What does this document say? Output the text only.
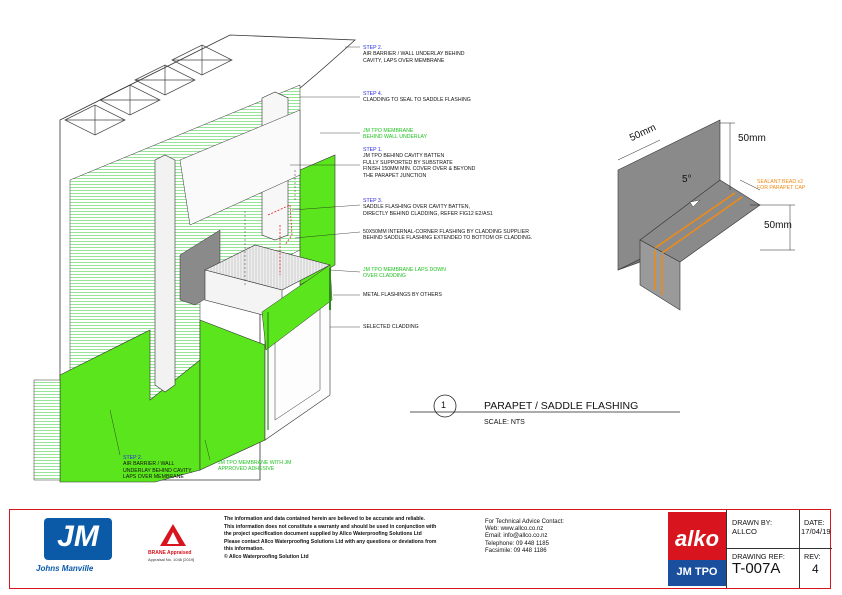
STEP 2.
AIR BARRIER / WALL UNDERLAY BEHIND
CAVITY, LAPS OVER MEMBRANE
STEP 4.
CLADDING TO SEAL TO SADDLE FLASHING
JM TPO MEMBRANE
BEHIND WALL UNDERLAY
STEP 1.
JM TPO BEHIND CAVITY BATTEN
FULLY SUPPORTED BY SUBSTRATE
FINISH 150MM MIN. COVER OVER & BEYOND
THE PARAPET JUNCTION
STEP 3.
SADDLE FLASHING OVER CAVITY BATTEN,
DIRECTLY BEHIND CLADDING, REFER FIG12 E2/AS1
50X50MM INTERNAL-CORNER FLASHING BY CLADDING SUPPLIER
BEHIND SADDLE FLASHING EXTENDED TO BOTTOM OF CLADDING.
JM TPO MEMBRANE LAPS DOWN
OVER CLADDING
METAL FLASHINGS BY OTHERS
SELECTED CLADDING
STEP 2.
AIR BARRIER / WALL
UNDERLAY BEHIND CAVITY,
LAPS OVER MEMBRANE
JM TPO MEMBRANE WITH JM
APPROVED ADHESIVE
SEALANT BEAD x2
FOR PARAPET CAP
50mm	50mm
50mm
5°
1	PARAPET / SADDLE FLASHING
SCALE: NTS
JM
Johns Manville
BRANE Appraised
Appraisal No. 1046 [2019]
The information and data contained herein are believed to be accurate and reliable.
This information does not constitute a warranty and should be used in conjunction with
the project specification document supplied by Allco Waterproofing Solutions Ltd
Please contact Allco Waterproofing Solutions Ltd with any questions or deviations from
this information.
© Allco Waterproofing Solution Ltd
For Technical Advice Contact:
Web: www.allco.co.nz
Email: info@allco.co.nz
Telephone: 09 448 1185
Facsimile: 09 448 1186	alko
JM TPO
DRAWN BY:
ALLCO
DATE:
17/04/19
DRAWING REF:
T-007A
REV:
4
